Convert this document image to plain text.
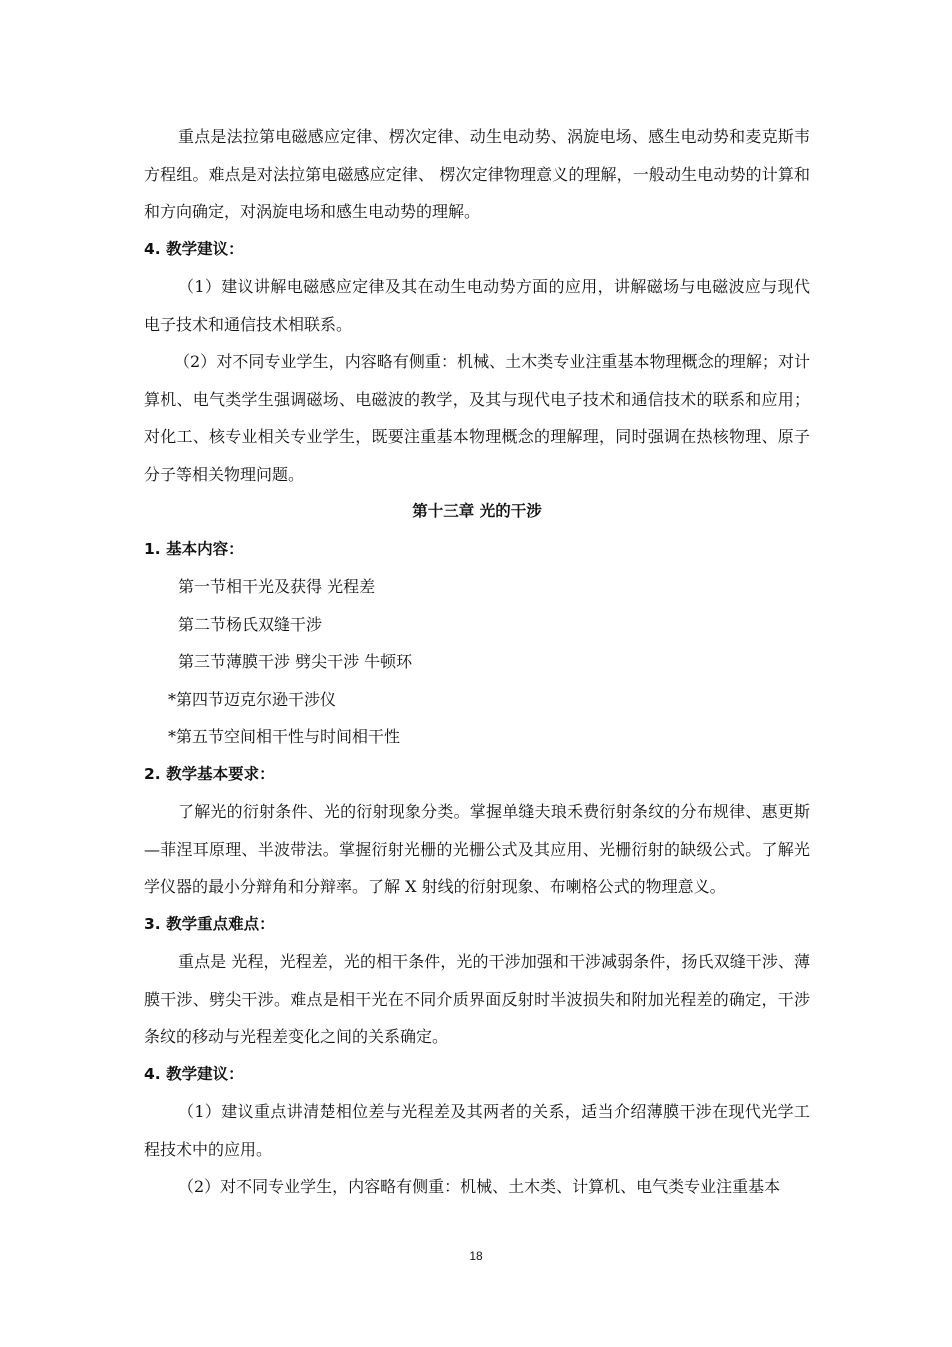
重点是法拉第电磁感应定律、楞次定律、动生电动势、涡旋电场、感生电动势和麦克斯韦方程组。难点是对法拉第电磁感应定律、 楞次定律物理意义的理解，一般动生电动势的计算和和方向确定，对涡旋电场和感生电动势的理解。

4. 教学建议：

（1）建议讲解电磁感应定律及其在动生电动势方面的应用，讲解磁场与电磁波应与现代电子技术和通信技术相联系。

（2）对不同专业学生，内容略有侧重：机械、土木类专业注重基本物理概念的理解；对计算机、电气类学生强调磁场、电磁波的教学，及其与现代电子技术和通信技术的联系和应用；对化工、核专业相关专业学生，既要注重基本物理概念的理解理，同时强调在热核物理、原子分子等相关物理问题。

第十三章 光的干涉

1. 基本内容：

第一节相干光及获得 光程差

第二节杨氏双缝干涉

第三节薄膜干涉 劈尖干涉 牛顿环

*第四节迈克尔逊干涉仪

*第五节空间相干性与时间相干性

2. 教学基本要求：

了解光的衍射条件、光的衍射现象分类。掌握单缝夫琅禾费衍射条纹的分布规律、惠更斯—菲涅耳原理、半波带法。掌握衍射光栅的光栅公式及其应用、光栅衍射的缺级公式。了解光学仪器的最小分辩角和分辩率。了解 X 射线的衍射现象、布喇格公式的物理意义。

3. 教学重点难点：

重点是 光程，光程差，光的相干条件，光的干涉加强和干涉减弱条件，扬氏双缝干涉、薄膜干涉、劈尖干涉。难点是相干光在不同介质界面反射时半波损失和附加光程差的确定，干涉条纹的移动与光程差变化之间的关系确定。

4. 教学建议：

（1）建议重点讲清楚相位差与光程差及其两者的关系，适当介绍薄膜干涉在现代光学工程技术中的应用。

（2）对不同专业学生，内容略有侧重：机械、土木类、计算机、电气类专业注重基本

18
